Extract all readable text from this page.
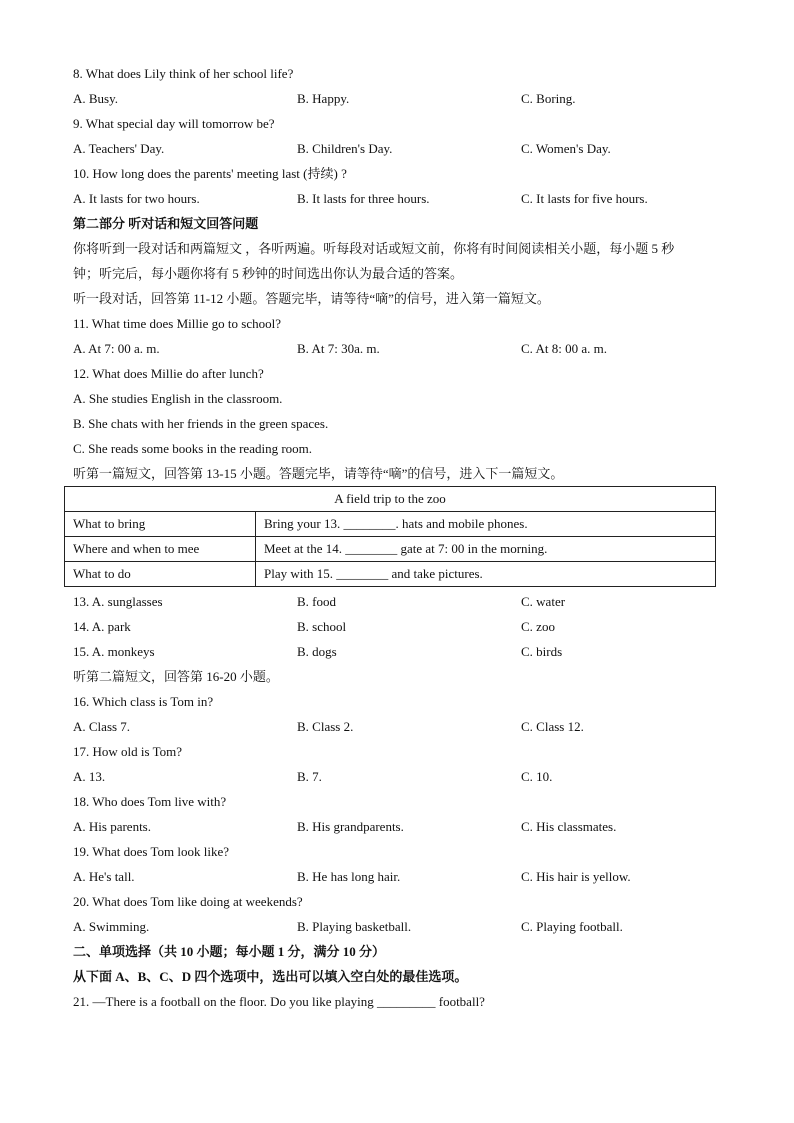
8. What does Lily think of her school life?
A. Busy.	B. Happy.	C. Boring.
9. What special day will tomorrow be?
A. Teachers' Day.	B. Children's Day.	C. Women's Day.
10. How long does the parents' meeting last (持续) ?
A. It lasts for two hours.	B. It lasts for three hours.	C. It lasts for five hours.
第二部分 听对话和短文回答问题
你将听到一段对话和两篇短文 ，各听两遍。听每段对话或短文前，你将有时间阅读相关小题，每小题 5 秒
钟；听完后，每小题你将有 5 秒钟的时间选出你认为最合适的答案。
听一段对话，回答第 11-12 小题。答题完毕，请等待“嘀”的信号，进入第一篇短文。
11. What time does Millie go to school?
A. At 7: 00 a. m.	B. At 7: 30a. m.	C. At 8: 00 a. m.
12. What does Millie do after lunch?
A. She studies English in the classroom.
B. She chats with her friends in the green spaces.
C. She reads some books in the reading room.
听第一篇短文，回答第 13-15 小题。答题完毕，请等待“嘀”的信号，进入下一篇短文。
A field trip to the zoo	
What to bring	Bring your 13. ________. hats and mobile phones.
Where and when to mee	Meet at the 14. ________ gate at 7: 00 in the morning.
What to do	Play with 15. ________ and take pictures.
13. A. sunglasses	B. food	C. water
14. A. park	B. school	C. zoo
15. A. monkeys	B. dogs	C. birds
听第二篇短文，回答第 16-20 小题。
16. Which class is Tom in?
A. Class 7.	B. Class 2.	C. Class 12.
17. How old is Tom?
A. 13.	B. 7.	C. 10.
18. Who does Tom live with?
A. His parents.	B. His grandparents.	C. His classmates.
19. What does Tom look like?
A. He's tall.	B. He has long hair.	C. His hair is yellow.
20. What does Tom like doing at weekends?
A. Swimming.	B. Playing basketball.	C. Playing football.
二、单项选择（共 10 小题；每小题 1 分，满分 10 分）
从下面 A、B、C、D 四个选项中，选出可以填入空白处的最佳选项。
21. —There is a football on the floor. Do you like playing _________ football?
